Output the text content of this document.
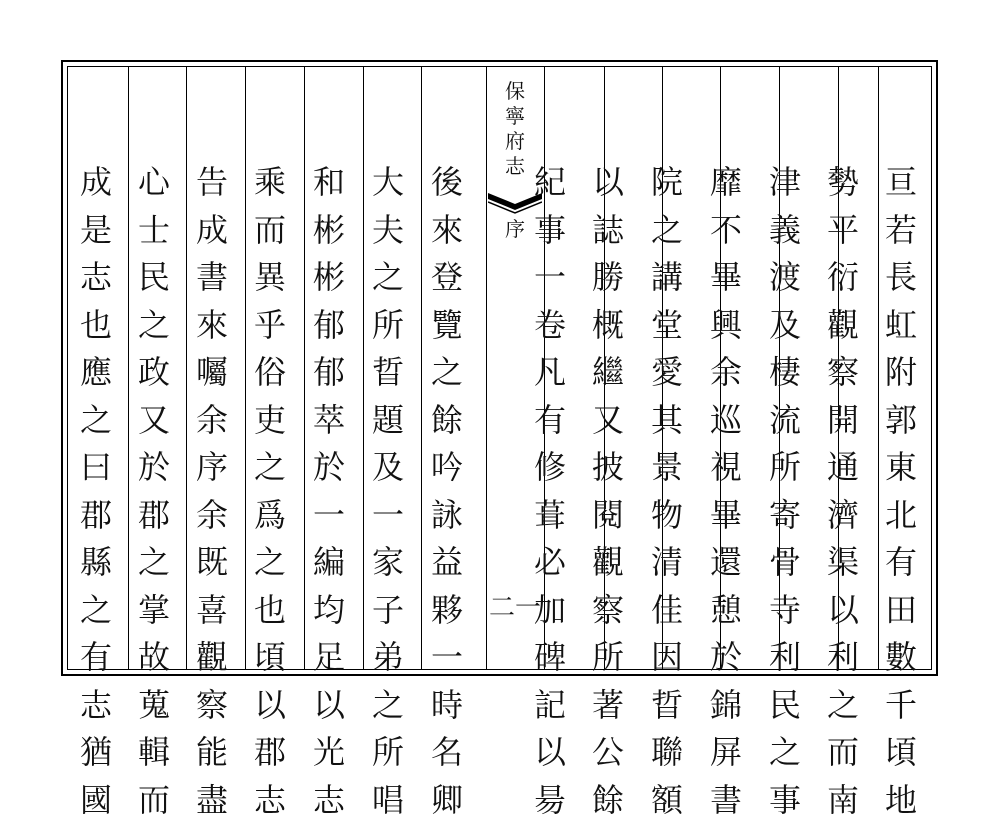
保
寧
府
志
序
二一
亘
若
長
虹
附
郭
東
北
有
田
數
千
頃
地
勢
平
衍
觀
察
開
通
濟
渠
以
利
之
而
南
津
義
渡
及
棲
流
所
寄
骨
寺
利
民
之
事
靡
不
畢
興
余
巡
視
畢
還
憩
於
錦
屏
書
院
之
講
堂
愛
其
景
物
清
佳
因
晢
聯
額
以
誌
勝
概
繼
又
披
閱
觀
察
所
著
公
餘
紀
事
一
卷
凡
有
修
葺
必
加
碑
記
以
昜
後
來
登
覽
之
餘
吟
詠
益
夥
一
時
名
卿
大
夫
之
所
晢
題
及
一
家
子
弟
之
所
唱
和
彬
彬
郁
郁
萃
於
一
編
均
足
以
光
志
乘
而
異
乎
俗
吏
之
爲
之
也
頃
以
郡
志
告
成
書
來
囑
余
序
余
既
喜
觀
察
能
盡
心
士
民
之
政
又
於
郡
之
掌
故
蒐
輯
而
成
是
志
也
應
之
曰
郡
縣
之
有
志
猶
國
